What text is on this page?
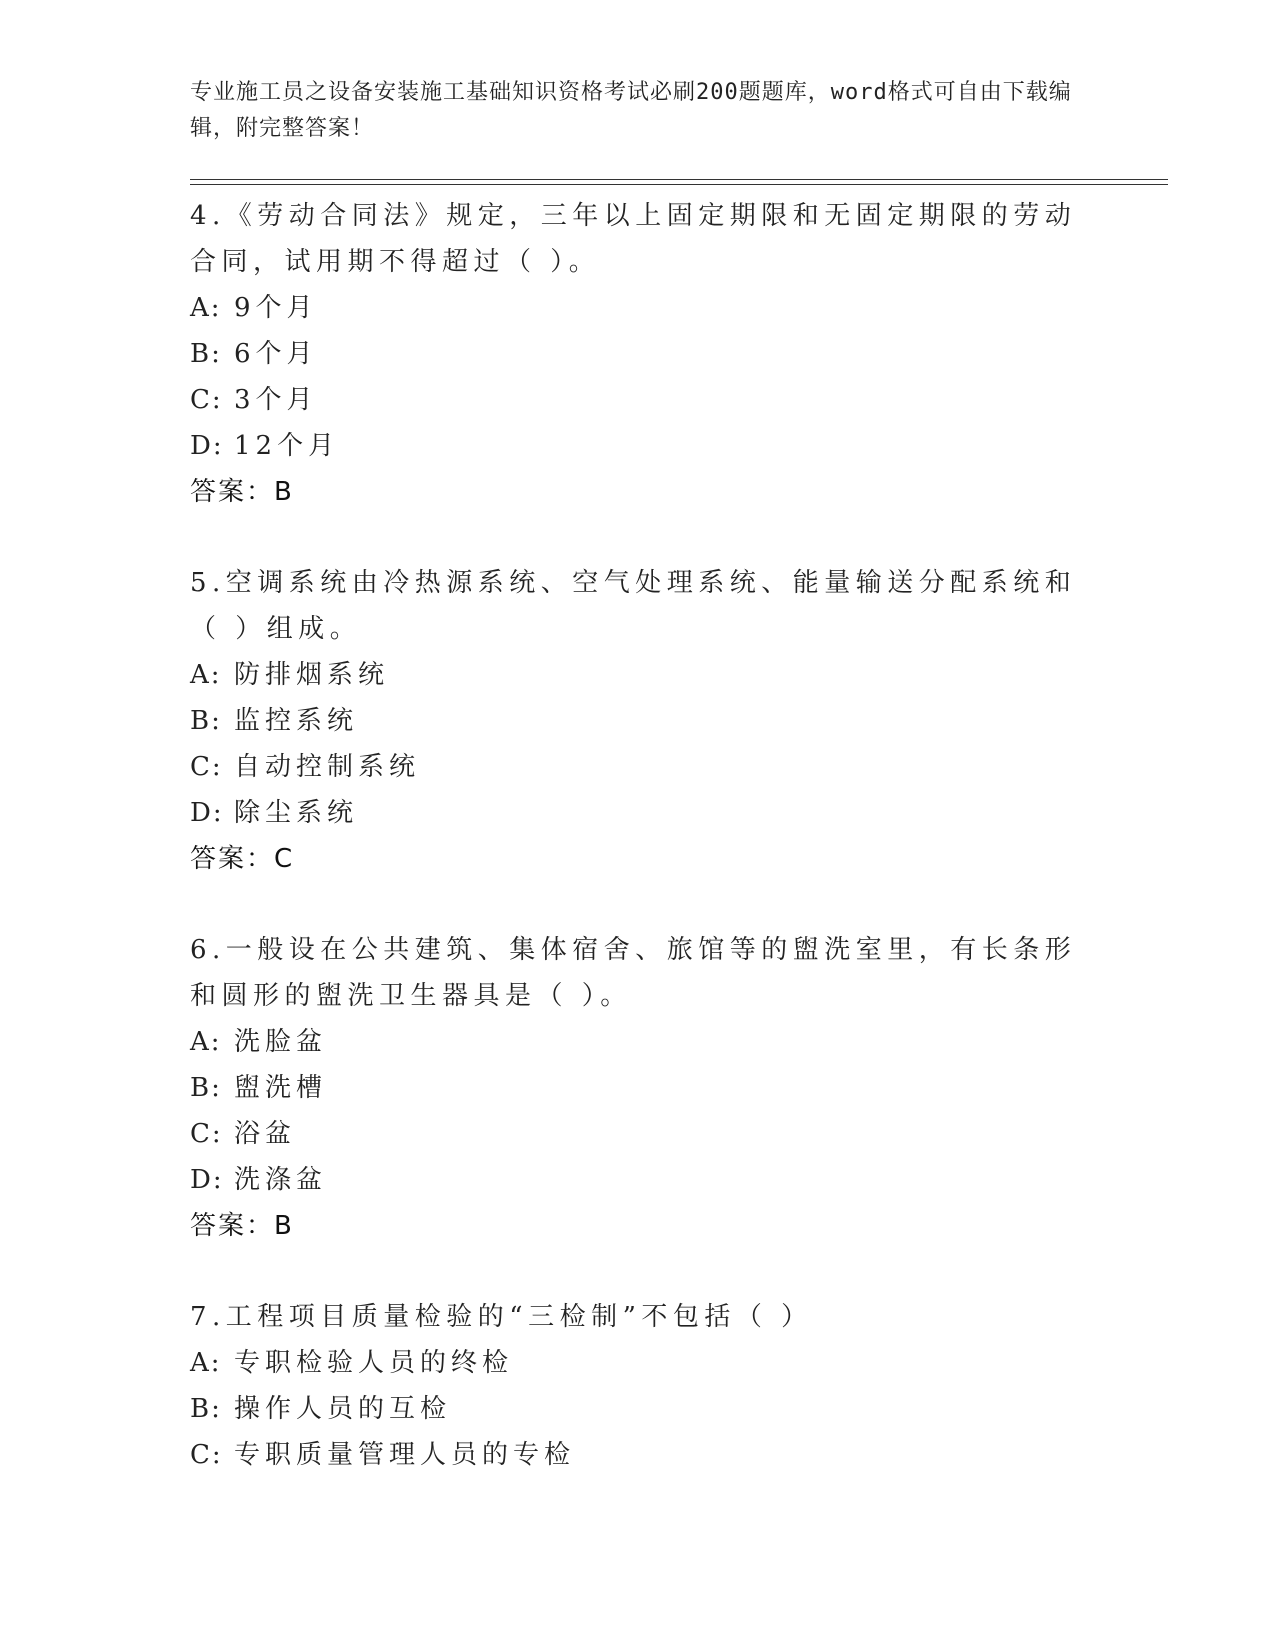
专业施工员之设备安装施工基础知识资格考试必刷200题题库，word格式可自由下载编辑，附完整答案！

4.《劳动合同法》规定，三年以上固定期限和无固定期限的劳动合同，试用期不得超过（ ）。

A: 9个月
B: 6个月
C: 3个月
D: 12个月

答案：B

5.空调系统由冷热源系统、空气处理系统、能量输送分配系统和（ ）组成。

A: 防排烟系统
B: 监控系统
C: 自动控制系统
D: 除尘系统

答案：C

6.一般设在公共建筑、集体宿舍、旅馆等的盥洗室里，有长条形和圆形的盥洗卫生器具是（ ）。

A: 洗脸盆
B: 盥洗槽
C: 浴盆
D: 洗涤盆

答案：B

7.工程项目质量检验的“三检制”不包括（ ）

A: 专职检验人员的终检
B: 操作人员的互检
C: 专职质量管理人员的专检
